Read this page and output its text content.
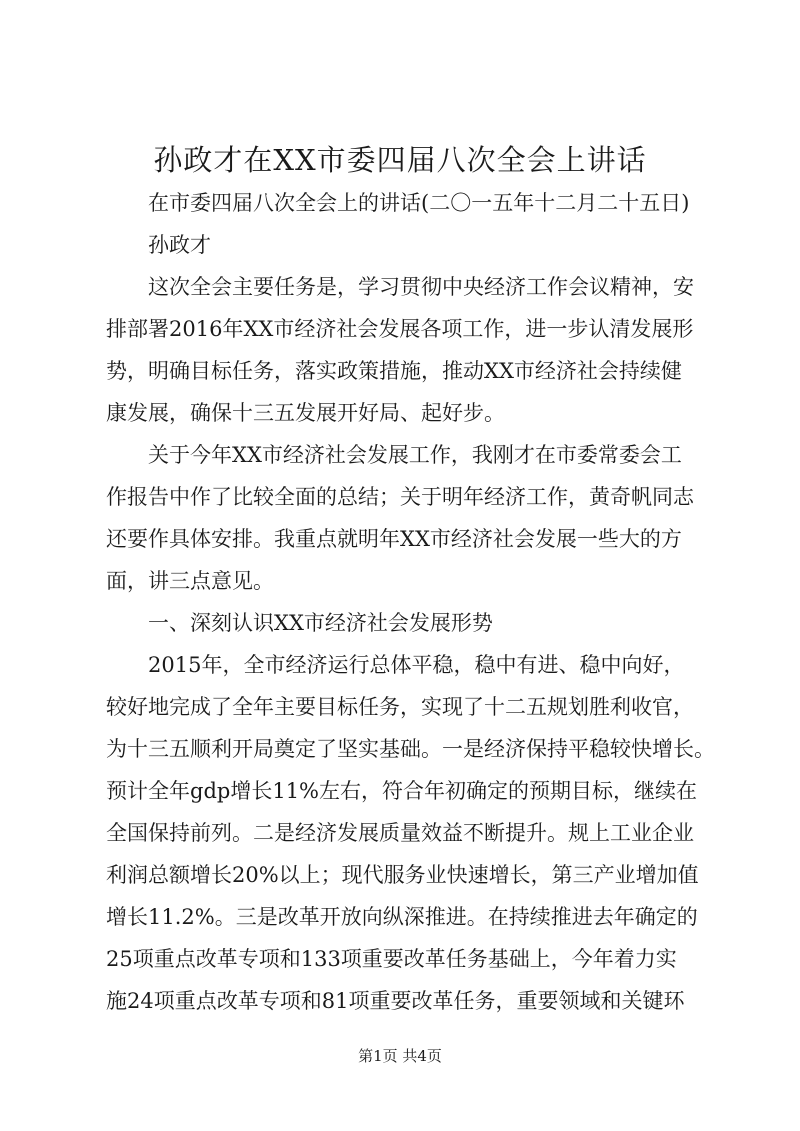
孙政才在XX市委四届八次全会上讲话
在市委四届八次全会上的讲话(二〇一五年十二月二十五日)
孙政才
这次全会主要任务是，学习贯彻中央经济工作会议精神，安
排部署2016年XX市经济社会发展各项工作，进一步认清发展形
势，明确目标任务，落实政策措施，推动XX市经济社会持续健
康发展，确保十三五发展开好局、起好步。
关于今年XX市经济社会发展工作，我刚才在市委常委会工
作报告中作了比较全面的总结；关于明年经济工作，黄奇帆同志
还要作具体安排。我重点就明年XX市经济社会发展一些大的方
面，讲三点意见。
一、深刻认识XX市经济社会发展形势
2015年，全市经济运行总体平稳，稳中有进、稳中向好，
较好地完成了全年主要目标任务，实现了十二五规划胜利收官，
为十三五顺利开局奠定了坚实基础。一是经济保持平稳较快增长。
预计全年gdp增长11%左右，符合年初确定的预期目标，继续在
全国保持前列。二是经济发展质量效益不断提升。规上工业企业
利润总额增长20%以上；现代服务业快速增长，第三产业增加值
增长11.2%。三是改革开放向纵深推进。在持续推进去年确定的
25项重点改革专项和133项重要改革任务基础上，今年着力实
施24项重点改革专项和81项重要改革任务，重要领域和关键环
第1页 共4页
